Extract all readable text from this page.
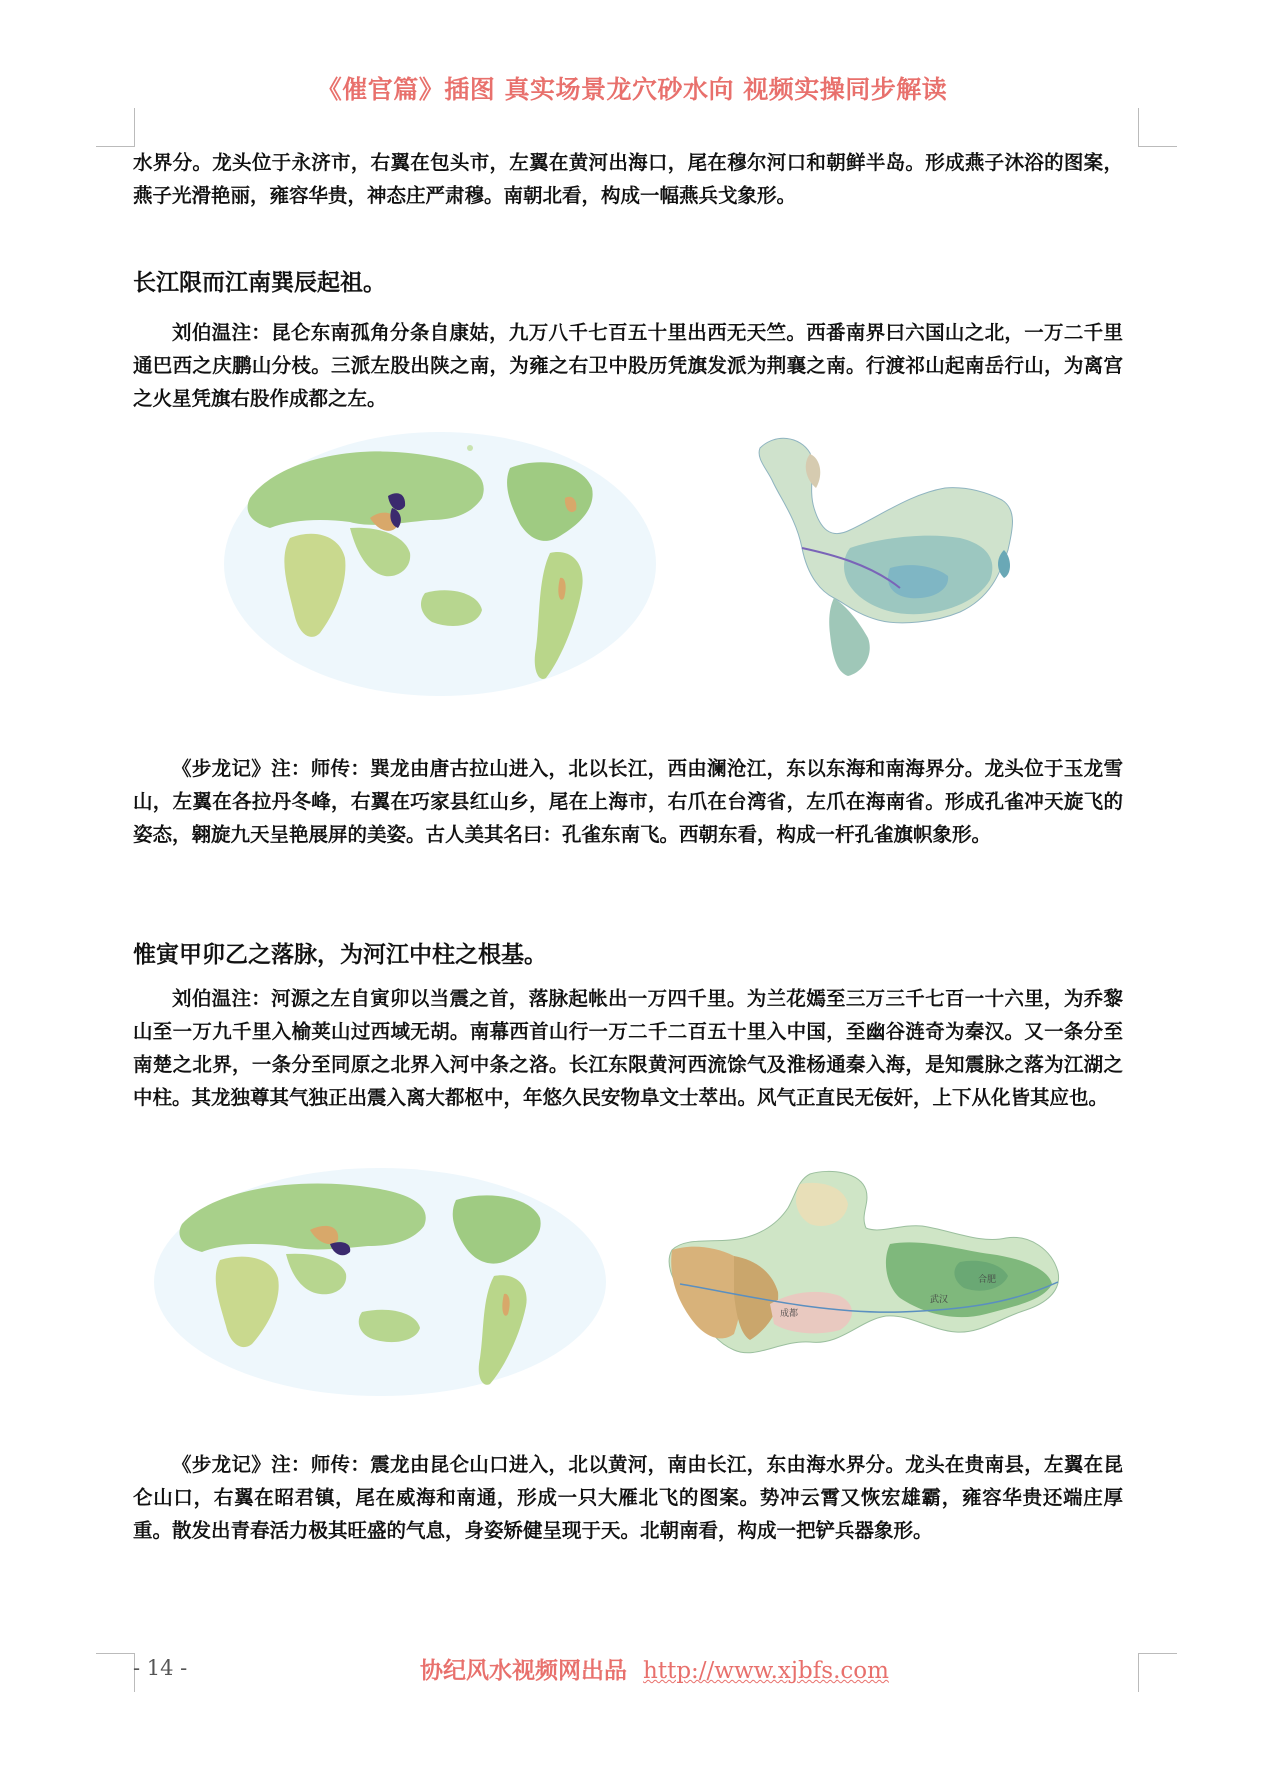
《催官篇》插图 真实场景龙穴砂水向 视频实操同步解读

水界分。龙头位于永济市，右翼在包头市，左翼在黄河出海口，尾在穆尔河口和朝鲜半岛。形成燕子沐浴的图案，燕子光滑艳丽，雍容华贵，神态庄严肃穆。南朝北看，构成一幅燕兵戈象形。

长江限而江南巽辰起祖。

刘伯温注：昆仑东南孤角分条自康姑，九万八千七百五十里出西无天竺。西番南界曰六国山之北，一万二千里通巴西之庆鹏山分枝。三派左股出陕之南，为雍之右卫中股历凭旗发派为荆襄之南。行渡祁山起南岳行山，为离宫之火星凭旗右股作成都之左。

《步龙记》注：师传：巽龙由唐古拉山进入，北以长江，西由澜沧江，东以东海和南海界分。龙头位于玉龙雪山，左翼在各拉丹冬峰，右翼在巧家县红山乡，尾在上海市，右爪在台湾省，左爪在海南省。形成孔雀冲天旋飞的姿态，翱旋九天呈艳展屏的美姿。古人美其名曰：孔雀东南飞。西朝东看，构成一杆孔雀旗帜象形。

惟寅甲卯乙之落脉，为河江中柱之根基。

刘伯温注：河源之左自寅卯以当震之首，落脉起帐出一万四千里。为兰花嫣至三万三千七百一十六里，为乔黎山至一万九千里入榆荚山过西域无胡。南幕西首山行一万二千二百五十里入中国，至幽谷涟奇为秦汉。又一条分至南楚之北界，一条分至同原之北界入河中条之洛。长江东限黄河西流馀气及淮杨通秦入海，是知震脉之落为江湖之中柱。其龙独尊其气独正出震入离大都枢中，年悠久民安物阜文士萃出。风气正直民无佞奸，上下从化皆其应也。

成都
武汉
合肥

《步龙记》注：师传：震龙由昆仑山口进入，北以黄河，南由长江，东由海水界分。龙头在贵南县，左翼在昆仑山口，右翼在昭君镇，尾在威海和南通，形成一只大雁北飞的图案。势冲云霄又恢宏雄霸，雍容华贵还端庄厚重。散发出青春活力极其旺盛的气息，身姿矫健呈现于天。北朝南看，构成一把铲兵器象形。

- 14 -	协纪风水视频网出品 http://www.xjbfs.com
